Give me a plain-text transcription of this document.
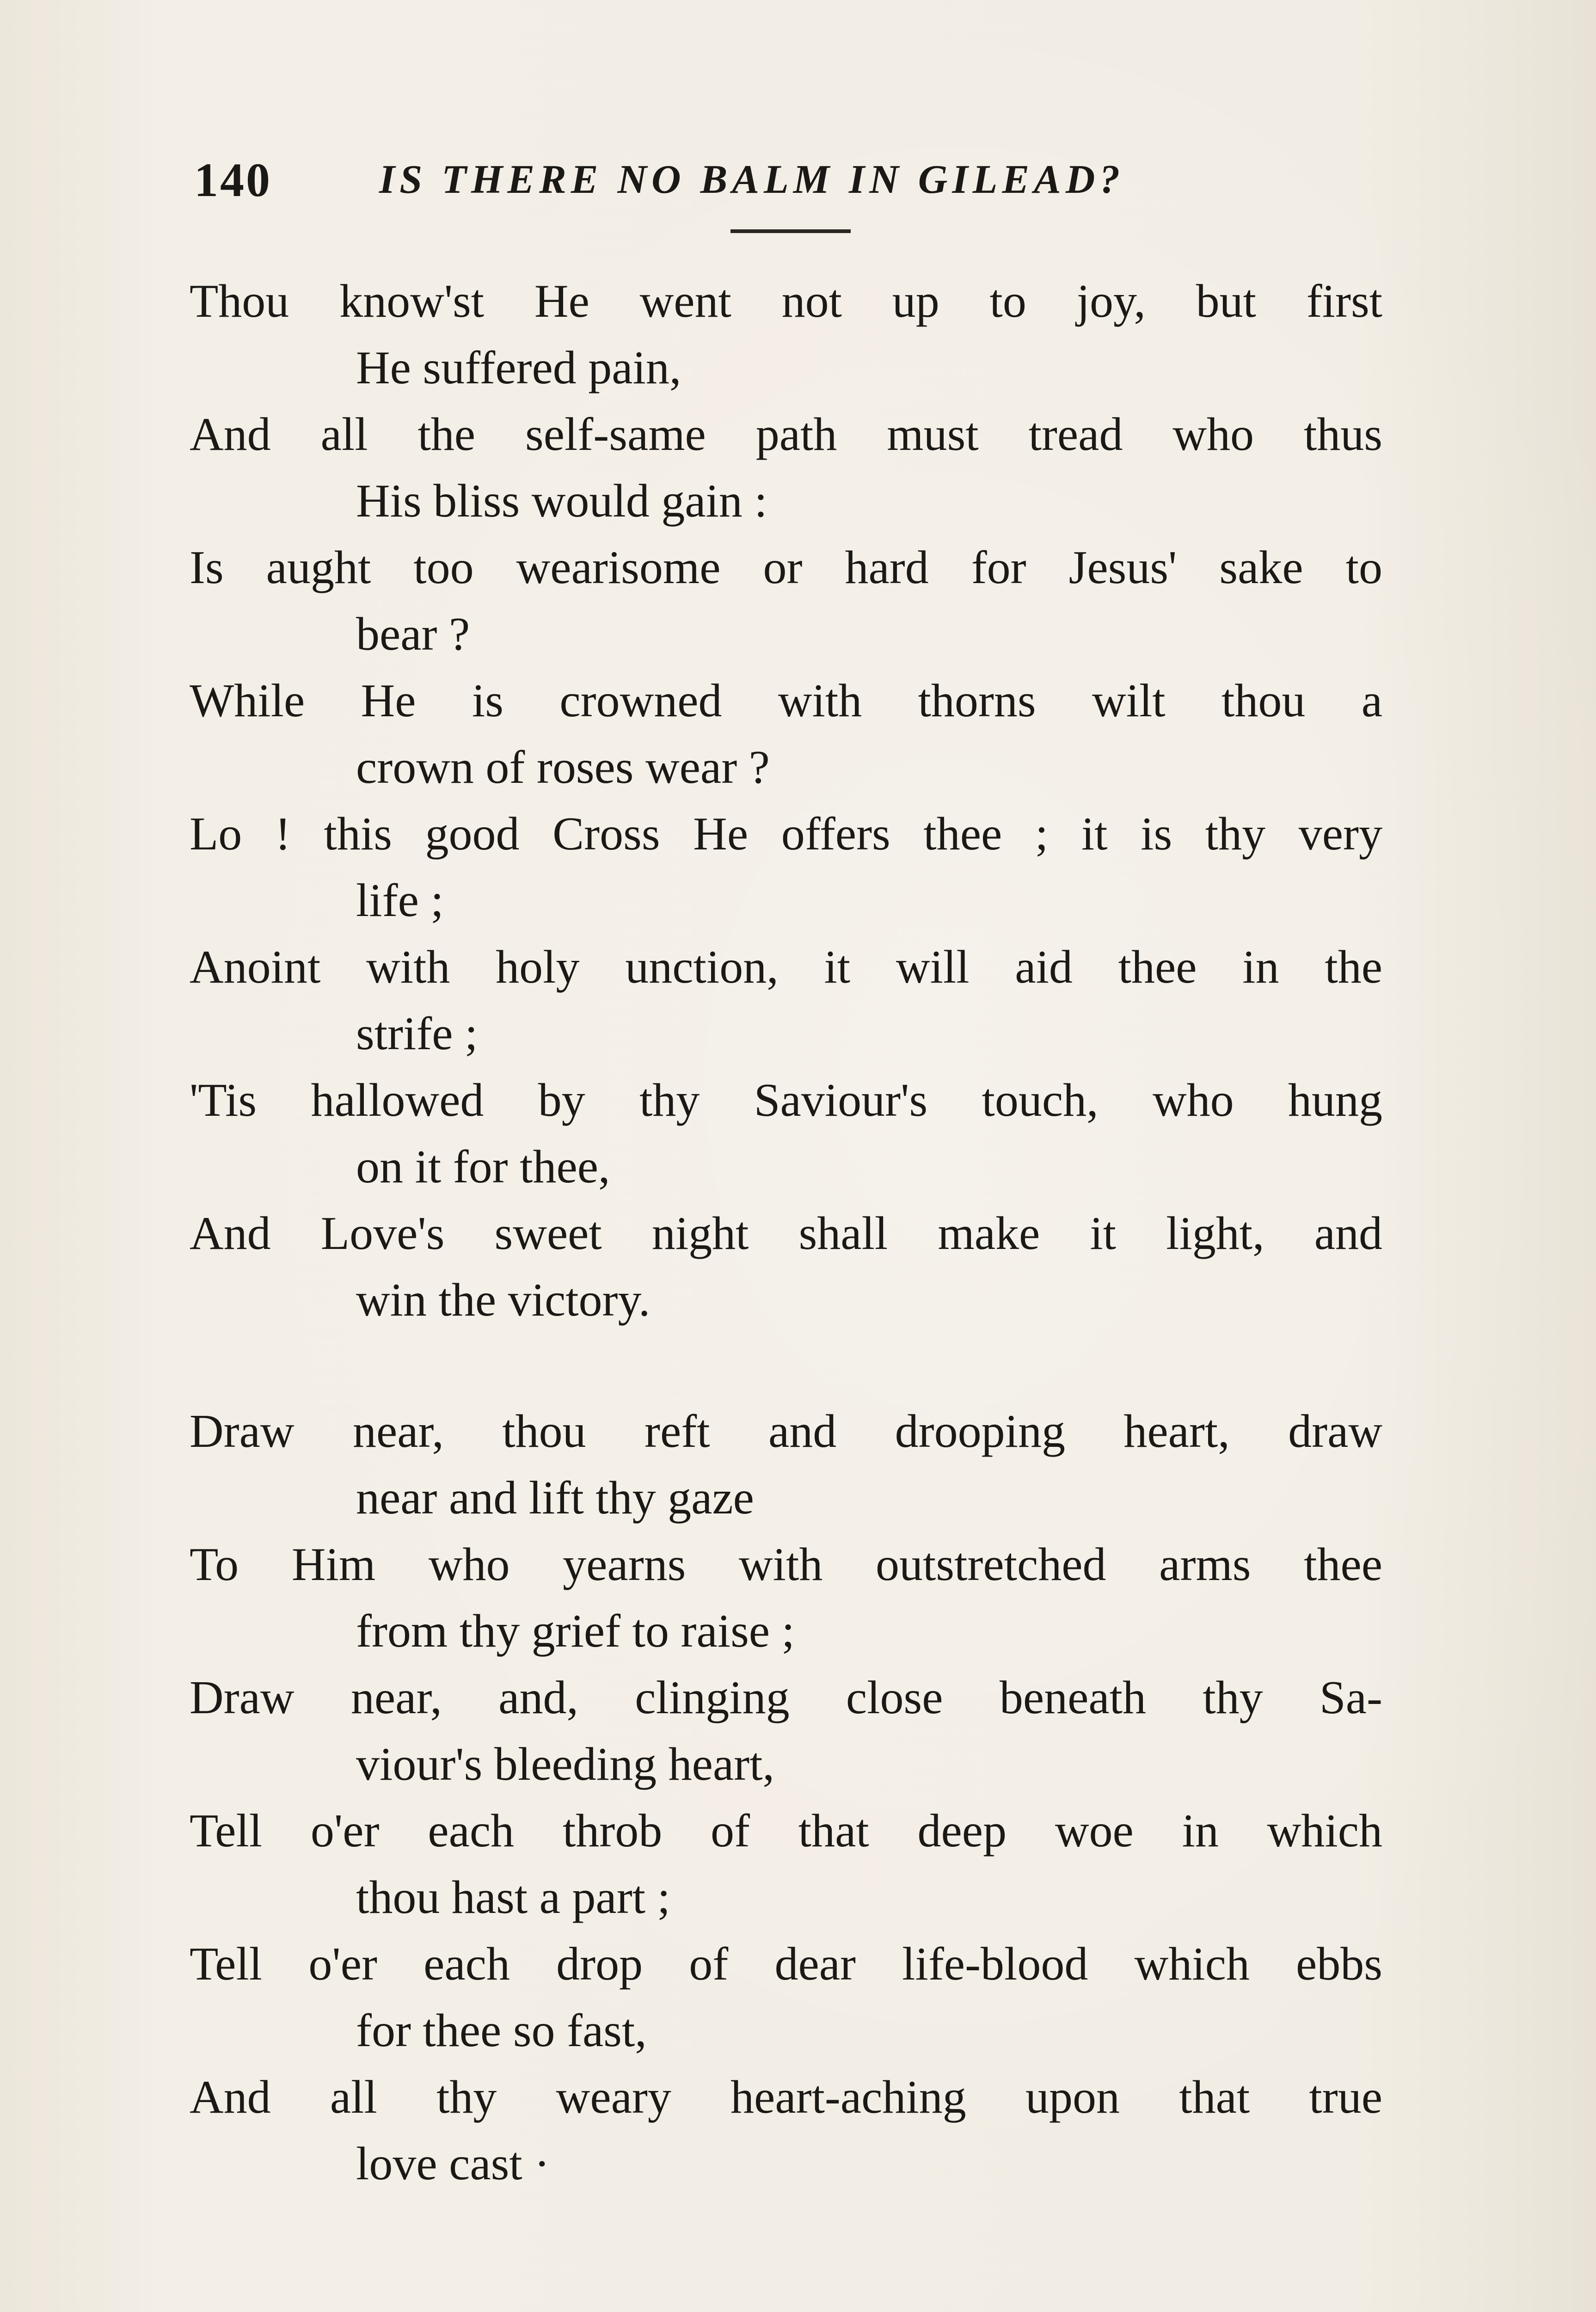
140	IS THERE NO BALM IN GILEAD?
Thou know'st He went not up to joy, but first
He suffered pain,
And all the self-same path must tread who thus
His bliss would gain :
Is aught too wearisome or hard for Jesus' sake to
bear ?
While He is crowned with thorns wilt thou a
crown of roses wear ?
Lo ! this good Cross He offers thee ; it is thy very
life ;
Anoint with holy unction, it will aid thee in the
strife ;
'Tis hallowed by thy Saviour's touch, who hung
on it for thee,
And Love's sweet night shall make it light, and
win the victory.
Draw near, thou reft and drooping heart, draw
near and lift thy gaze
To Him who yearns with outstretched arms thee
from thy grief to raise ;
Draw near, and, clinging close beneath thy Sa-
viour's bleeding heart,
Tell o'er each throb of that deep woe in which
thou hast a part ;
Tell o'er each drop of dear life-blood which ebbs
for thee so fast,
And all thy weary heart-aching upon that true
love cast ·
